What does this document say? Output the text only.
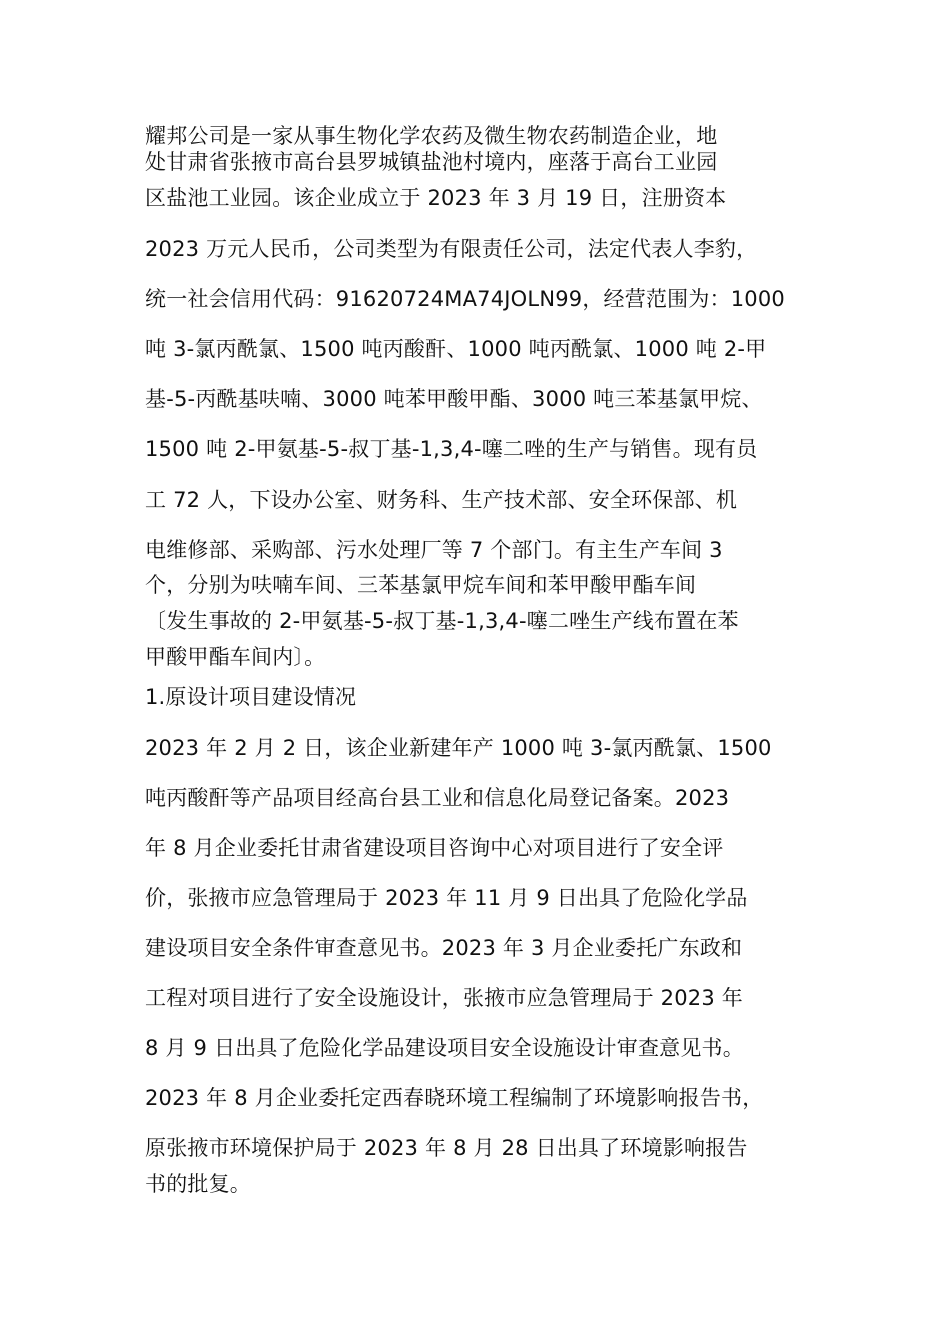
耀邦公司是一家从事生物化学农药及微生物农药制造企业，地
处甘肃省张掖市高台县罗城镇盐池村境内，座落于高台工业园
区盐池工业园。该企业成立于 2023 年 3 月 19 日，注册资本
2023 万元人民币，公司类型为有限责任公司，法定代表人李豹，
统一社会信用代码：91620724MA74JOLN99，经营范围为：1000
吨 3-氯丙酰氯、1500 吨丙酸酐、1000 吨丙酰氯、1000 吨 2-甲
基-5-丙酰基呋喃、3000 吨苯甲酸甲酯、3000 吨三苯基氯甲烷、
1500 吨 2-甲氨基-5-叔丁基-1,3,4-噻二唑的生产与销售。现有员
工 72 人，下设办公室、财务科、生产技术部、安全环保部、机
电维修部、采购部、污水处理厂等 7 个部门。有主生产车间 3
个，分别为呋喃车间、三苯基氯甲烷车间和苯甲酸甲酯车间
〔发生事故的 2-甲氨基-5-叔丁基-1,3,4-噻二唑生产线布置在苯
甲酸甲酯车间内〕。
1.原设计项目建设情况
2023 年 2 月 2 日，该企业新建年产 1000 吨 3-氯丙酰氯、1500
吨丙酸酐等产品项目经高台县工业和信息化局登记备案。2023
年 8 月企业委托甘肃省建设项目咨询中心对项目进行了安全评
价，张掖市应急管理局于 2023 年 11 月 9 日出具了危险化学品
建设项目安全条件审查意见书。2023 年 3 月企业委托广东政和
工程对项目进行了安全设施设计，张掖市应急管理局于 2023 年
8 月 9 日出具了危险化学品建设项目安全设施设计审查意见书。
2023 年 8 月企业委托定西春晓环境工程编制了环境影响报告书，
原张掖市环境保护局于 2023 年 8 月 28 日出具了环境影响报告
书的批复。
